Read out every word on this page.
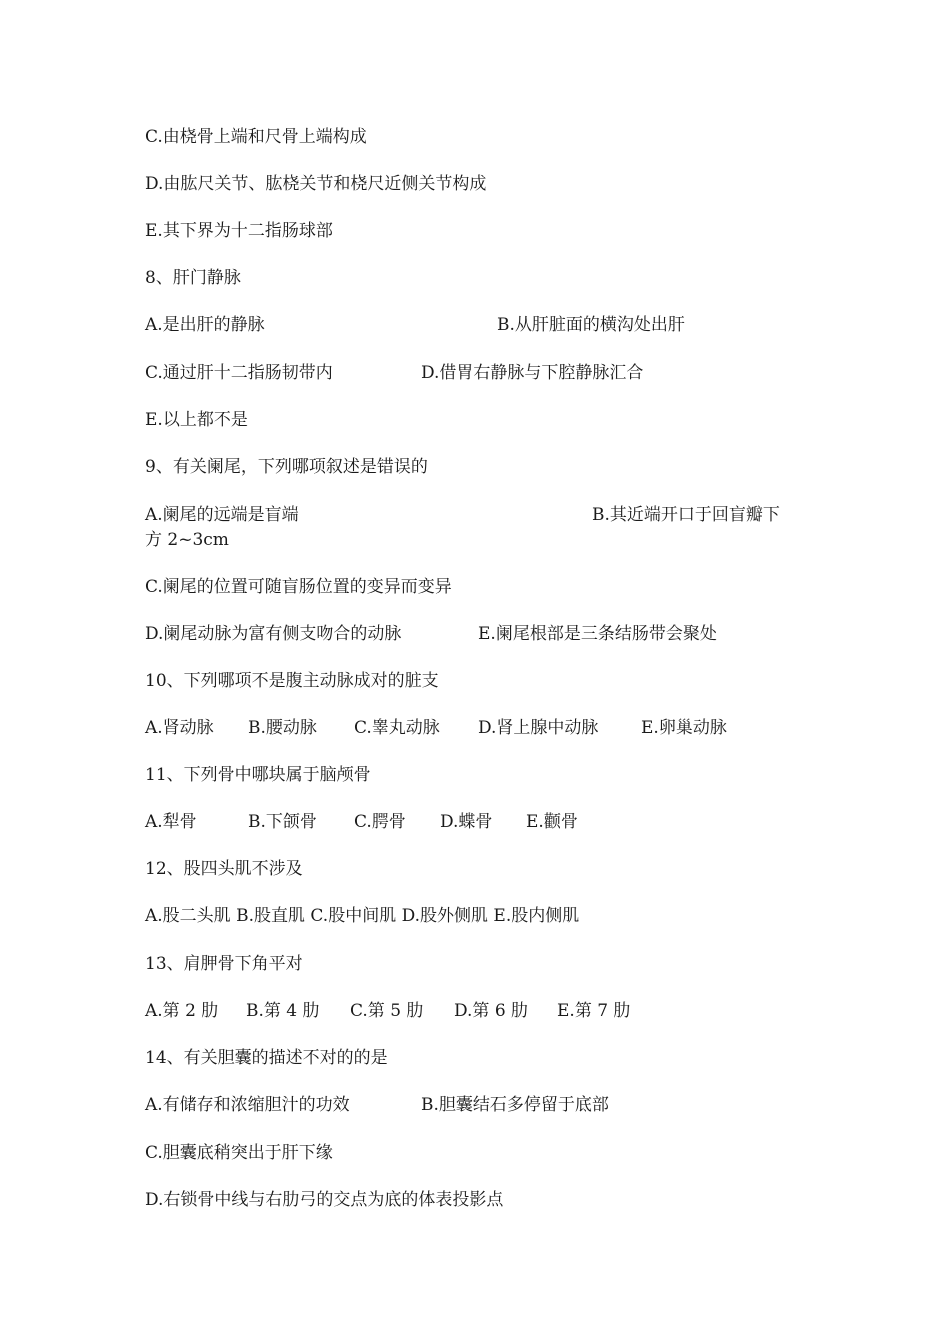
C.由桡骨上端和尺骨上端构成
D.由肱尺关节、肱桡关节和桡尺近侧关节构成
E.其下界为十二指肠球部
8、肝门静脉
A.是出肝的静脉	B.从肝脏面的横沟处出肝
C.通过肝十二指肠韧带内	D.借胃右静脉与下腔静脉汇合
E.以上都不是
9、有关阑尾，下列哪项叙述是错误的
A.阑尾的远端是盲端	B.其近端开口于回盲瓣下
方 2~3cm
C.阑尾的位置可随盲肠位置的变异而变异
D.阑尾动脉为富有侧支吻合的动脉	E.阑尾根部是三条结肠带会聚处
10、下列哪项不是腹主动脉成对的脏支
A.肾动脉 B.腰动脉 C.睾丸动脉 D.肾上腺中动脉	E.卵巢动脉
11、下列骨中哪块属于脑颅骨
A.犁骨	B.下颌骨 C.腭骨 D.蝶骨 E.颧骨
12、股四头肌不涉及
A.股二头肌 B.股直肌 C.股中间肌 D.股外侧肌 E.股内侧肌
13、肩胛骨下角平对
A.第 2 肋 B.第 4 肋 C.第 5 肋 D.第 6 肋 E.第 7 肋
14、有关胆囊的描述不对的的是
A.有储存和浓缩胆汁的功效	B.胆囊结石多停留于底部
C.胆囊底稍突出于肝下缘
D.右锁骨中线与右肋弓的交点为底的体表投影点
